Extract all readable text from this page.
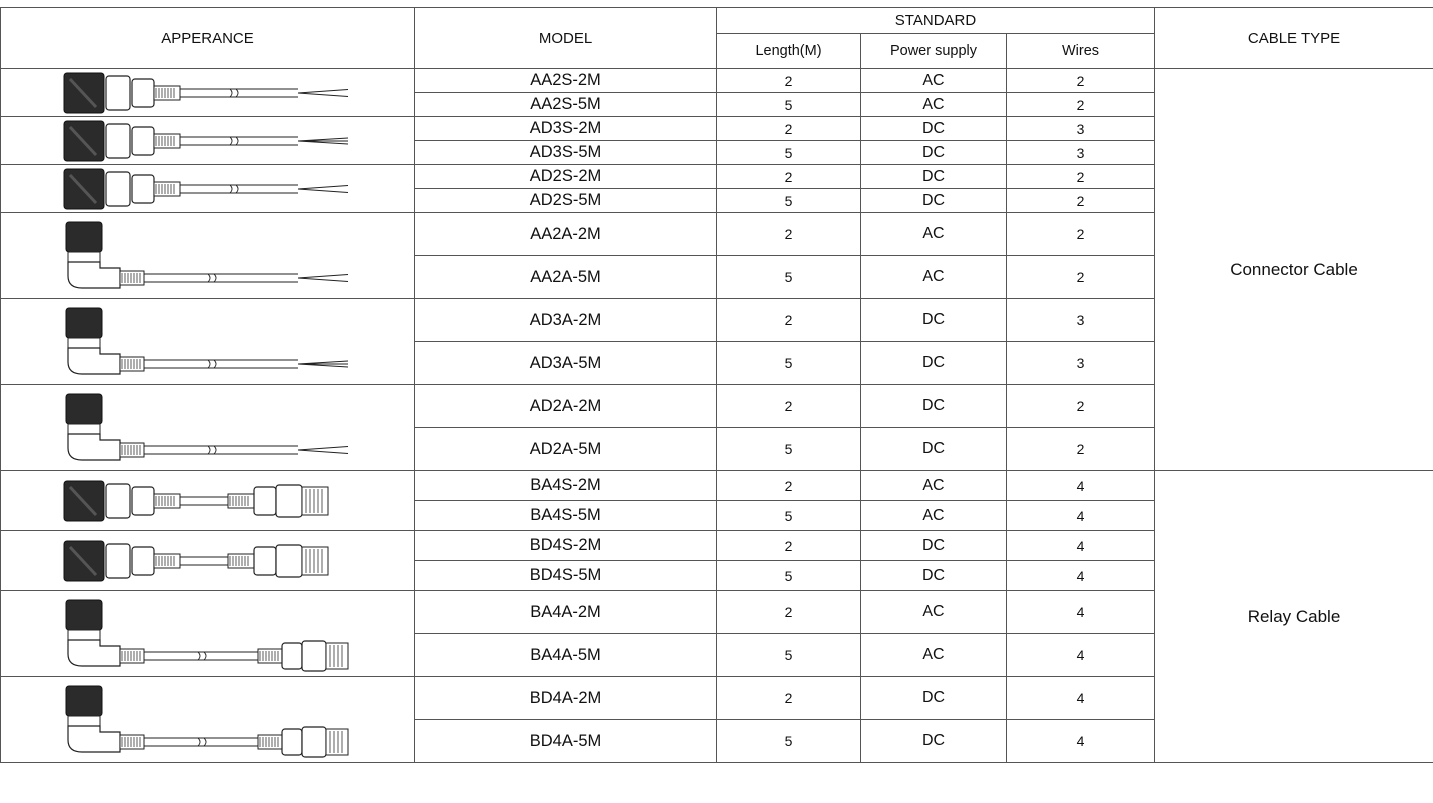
APPERANCE	MODEL	STANDARD			CABLE TYPE
		Length(M)	Power supply	Wires	

	AA2S-2M	2	AC	2	Connector Cable
	AA2S-5M	5	AC	2	

	AD3S-2M	2	DC	3	
	AD3S-5M	5	DC	3	

	AD2S-2M	2	DC	2	
	AD2S-5M	5	DC	2	

	AA2A-2M	2	AC	2	
	AA2A-5M	5	AC	2	

	AD3A-2M	2	DC	3	
	AD3A-5M	5	DC	3	

	AD2A-2M	2	DC	2	
	AD2A-5M	5	DC	2	

	BA4S-2M	2	AC	4	Relay Cable
	BA4S-5M	5	AC	4	

	BD4S-2M	2	DC	4	
	BD4S-5M	5	DC	4	

	BA4A-2M	2	AC	4	
	BA4A-5M	5	AC	4	

	BD4A-2M	2	DC	4	
	BD4A-5M	5	DC	4	
